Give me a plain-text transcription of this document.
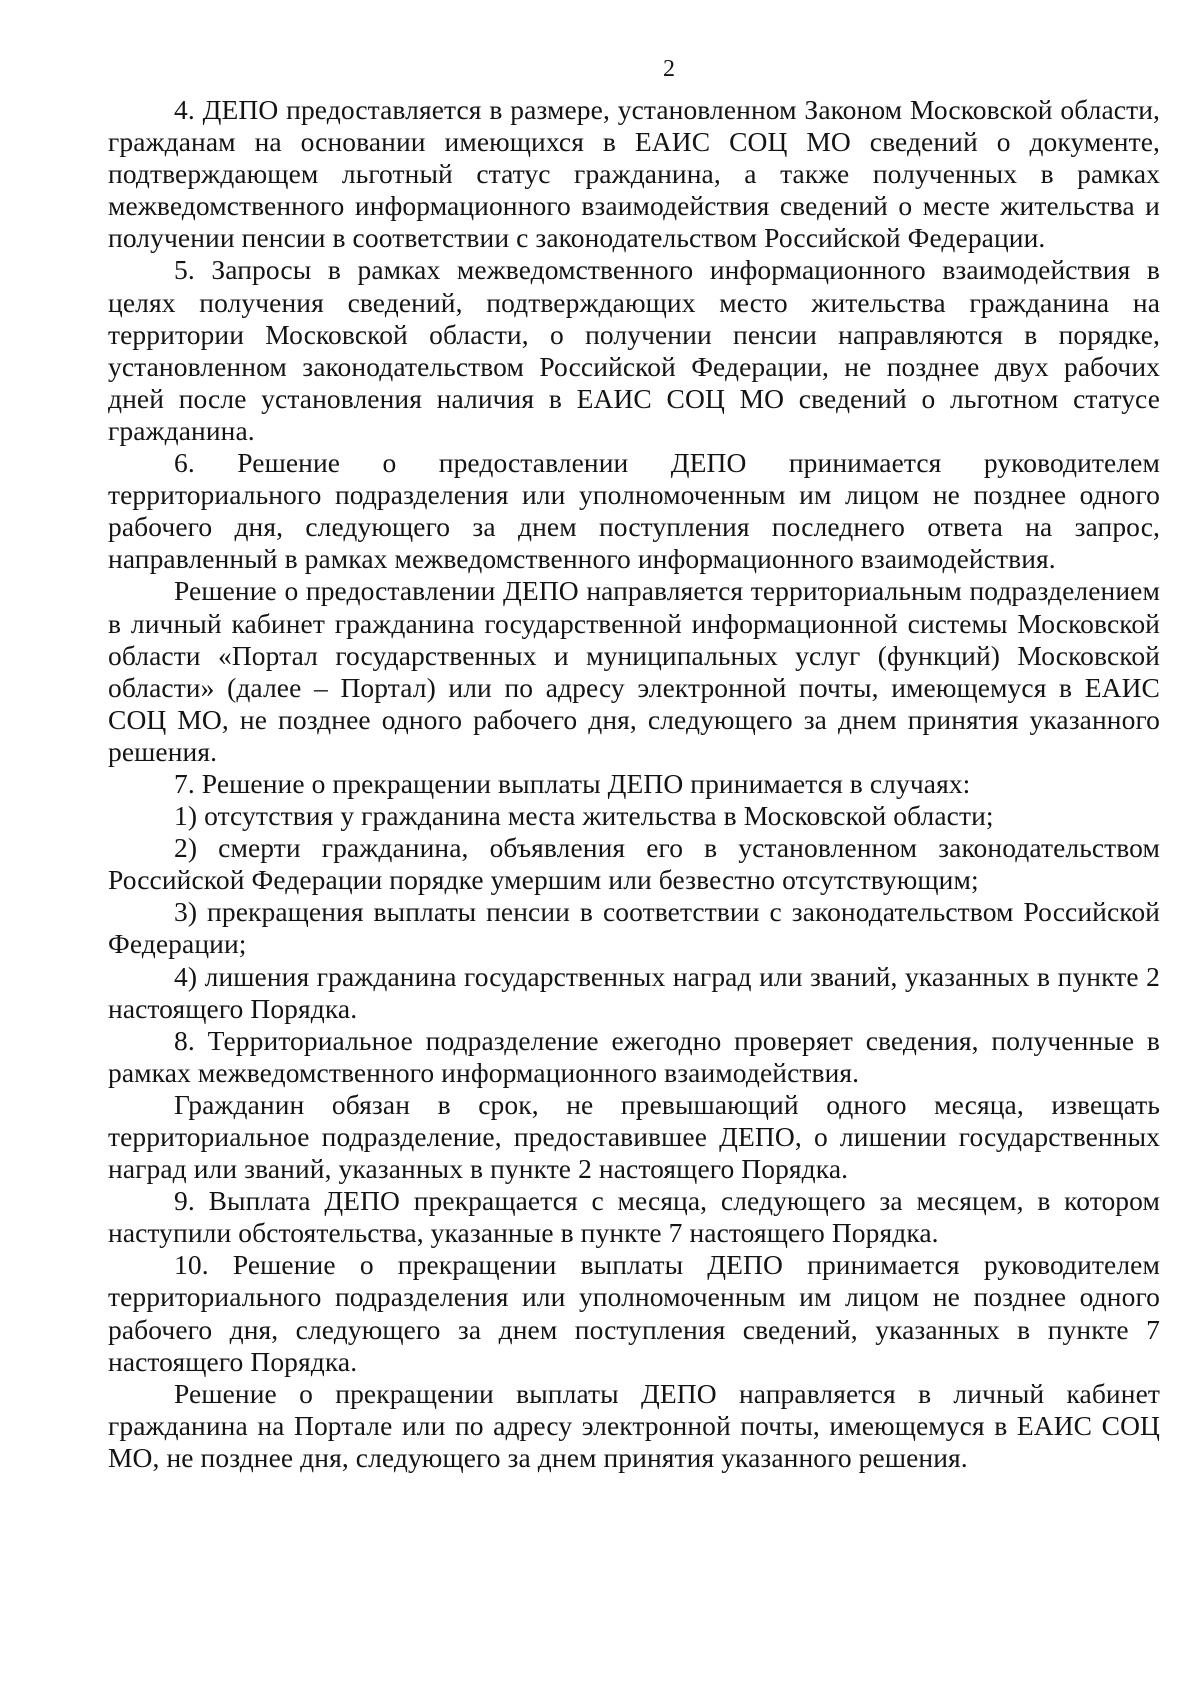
2

4. ДЕПО предоставляется в размере, установленном Законом Московской области, гражданам на основании имеющихся в ЕАИС СОЦ МО сведений о документе, подтверждающем льготный статус гражданина, а также полученных в рамках межведомственного информационного взаимодействия сведений о месте жительства и получении пенсии в соответствии с законодательством Российской Федерации.

5. Запросы в рамках межведомственного информационного взаимодействия в целях получения сведений, подтверждающих место жительства гражданина на территории Московской области, о получении пенсии направляются в порядке, установленном законодательством Российской Федерации, не позднее двух рабочих дней после установления наличия в ЕАИС СОЦ МО сведений о льготном статусе гражданина.

6. Решение о предоставлении ДЕПО принимается руководителем территориального подразделения или уполномоченным им лицом не позднее одного рабочего дня, следующего за днем поступления последнего ответа на запрос, направленный в рамках межведомственного информационного взаимодействия.

Решение о предоставлении ДЕПО направляется территориальным подразделением в личный кабинет гражданина государственной информационной системы Московской области «Портал государственных и муниципальных услуг (функций) Московской области» (далее – Портал) или по адресу электронной почты, имеющемуся в ЕАИС СОЦ МО, не позднее одного рабочего дня, следующего за днем принятия указанного решения.

7. Решение о прекращении выплаты ДЕПО принимается в случаях:

1) отсутствия у гражданина места жительства в Московской области;

2) смерти гражданина, объявления его в установленном законодательством Российской Федерации порядке умершим или безвестно отсутствующим;

3) прекращения выплаты пенсии в соответствии с законодательством Российской Федерации;

4) лишения гражданина государственных наград или званий, указанных в пункте 2 настоящего Порядка.

8. Территориальное подразделение ежегодно проверяет сведения, полученные в рамках межведомственного информационного взаимодействия.

Гражданин обязан в срок, не превышающий одного месяца, извещать территориальное подразделение, предоставившее ДЕПО, о лишении государственных наград или званий, указанных в пункте 2 настоящего Порядка.

9. Выплата ДЕПО прекращается с месяца, следующего за месяцем, в котором наступили обстоятельства, указанные в пункте 7 настоящего Порядка.

10. Решение о прекращении выплаты ДЕПО принимается руководителем территориального подразделения или уполномоченным им лицом не позднее одного рабочего дня, следующего за днем поступления сведений, указанных в пункте 7 настоящего Порядка.

Решение о прекращении выплаты ДЕПО направляется в личный кабинет гражданина на Портале или по адресу электронной почты, имеющемуся в ЕАИС СОЦ МО, не позднее дня, следующего за днем принятия указанного решения.
